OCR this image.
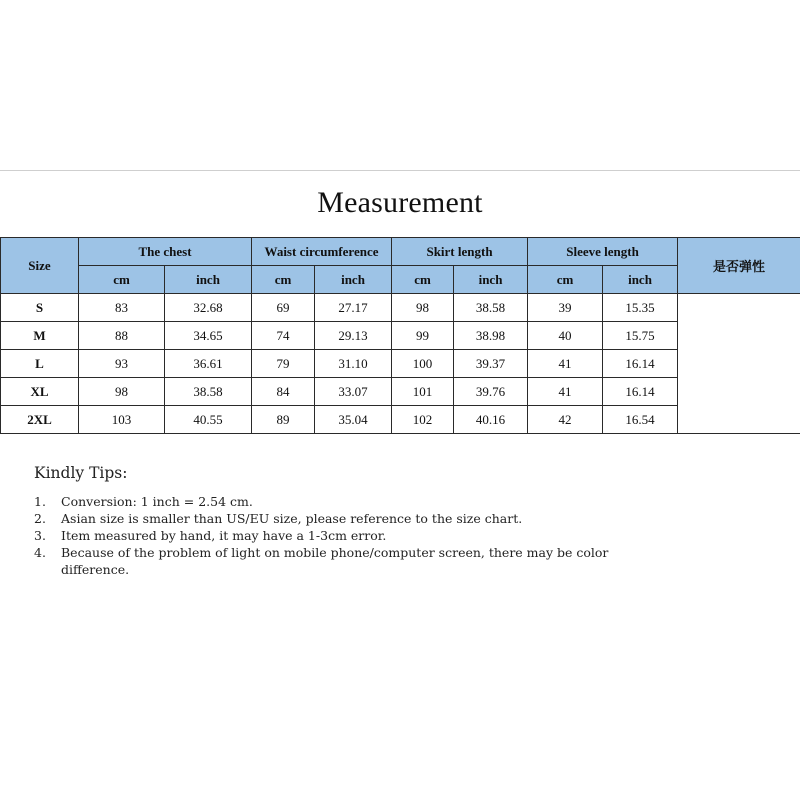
Measurement
Size	The chest		Waist circumference		Skirt length		Sleeve length		是否弹性
	cm	inch	cm	inch	cm	inch	cm	inch	
S	83	32.68	69	27.17	98	38.58	39	15.35	
M	88	34.65	74	29.13	99	38.98	40	15.75	
L	93	36.61	79	31.10	100	39.37	41	16.14	
XL	98	38.58	84	33.07	101	39.76	41	16.14	
2XL	103	40.55	89	35.04	102	40.16	42	16.54	
Kindly Tips:
1. Conversion: 1 inch = 2.54 cm.
2. Asian size is smaller than US/EU size, please reference to the size chart.
3. Item measured by hand, it may have a 1-3cm error.
4. Because of the problem of light on mobile phone/computer screen, there may be color difference.
